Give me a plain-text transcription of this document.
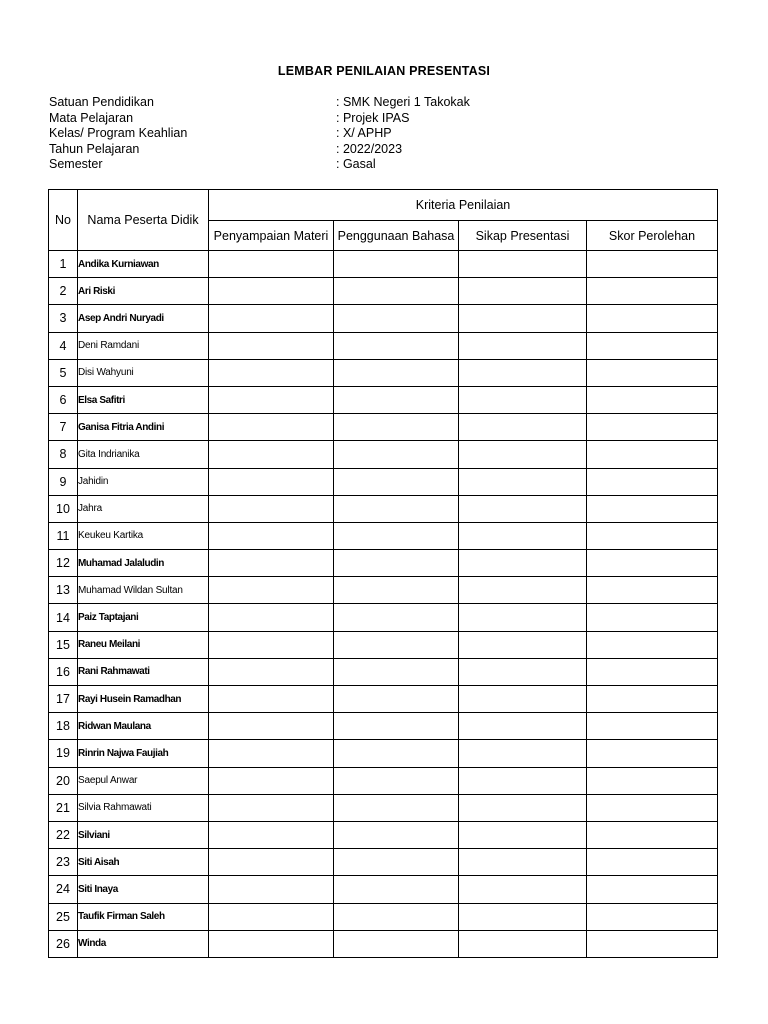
LEMBAR PENILAIAN PRESENTASI
Satuan Pendidikan	: SMK Negeri 1 Takokak
Mata Pelajaran	: Projek IPAS
Kelas/ Program Keahlian	: X/ APHP
Tahun Pelajaran	: 2022/2023
Semester	: Gasal
No	Nama Peserta Didik	Kriteria Penilaian			
		Penyampaian Materi	Penggunaan Bahasa	Sikap Presentasi	Skor Perolehan
1	Andika Kurniawan				
2	Ari Riski				
3	Asep Andri Nuryadi				
4	Deni Ramdani				
5	Disi Wahyuni				
6	Elsa Safitri				
7	Ganisa Fitria Andini				
8	Gita Indrianika				
9	Jahidin				
10	Jahra				
11	Keukeu Kartika				
12	Muhamad Jalaludin				
13	Muhamad Wildan Sultan				
14	Paiz Taptajani				
15	Raneu Meilani				
16	Rani Rahmawati				
17	Rayi Husein Ramadhan				
18	Ridwan Maulana				
19	Rinrin Najwa Faujiah				
20	Saepul Anwar				
21	Silvia Rahmawati				
22	Silviani				
23	Siti Aisah				
24	Siti Inaya				
25	Taufik Firman Saleh				
26	Winda				
